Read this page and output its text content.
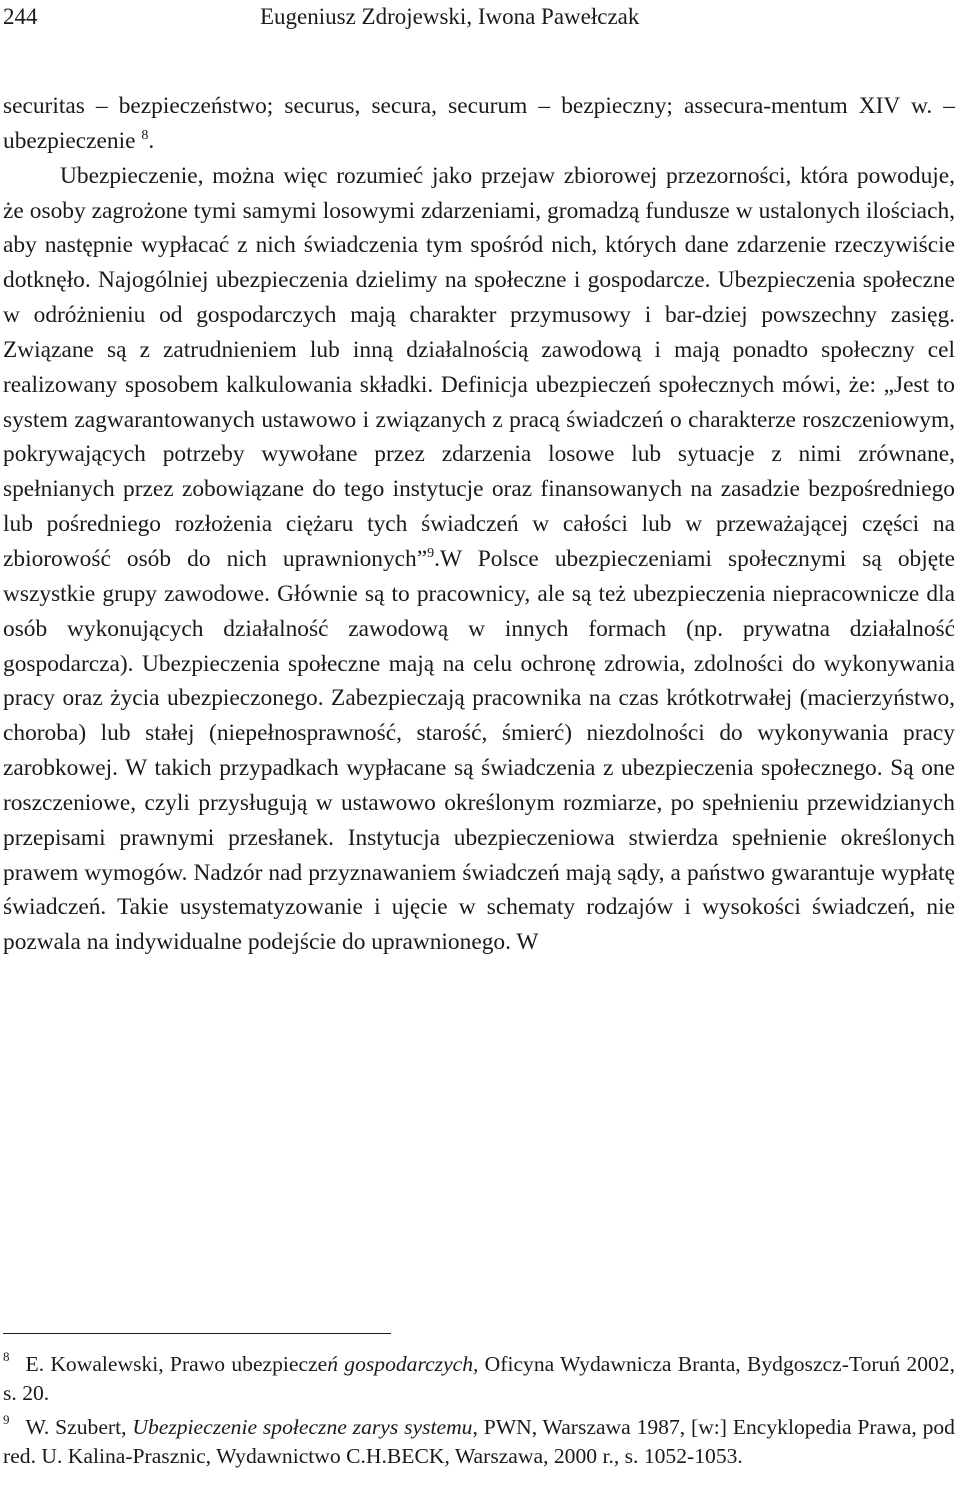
244	Eugeniusz Zdrojewski, Iwona Pawełczak

securitas – bezpieczeństwo; securus, secura, securum – bezpieczny; assecura-mentum XIV w. – ubezpieczenie $^8$.

Ubezpieczenie, można więc rozumieć jako przejaw zbiorowej przezorności, która powoduje, że osoby zagrożone tymi samymi losowymi zdarzeniami, gromadzą fundusze w ustalonych ilościach, aby następnie wypłacać z nich świadczenia tym spośród nich, których dane zdarzenie rzeczywiście dotknęło. Najogólniej ubezpieczenia dzielimy na społeczne i gospodarcze. Ubezpieczenia społeczne w odróżnieniu od gospodarczych mają charakter przymusowy i bar-dziej powszechny zasięg. Związane są z zatrudnieniem lub inną działalnością zawodową i mają ponadto społeczny cel realizowany sposobem kalkulowania składki. Definicja ubezpieczeń społecznych mówi, że: „Jest to system zagwarantowanych ustawowo i związanych z pracą świadczeń o charakterze roszczeniowym, pokrywających potrzeby wywołane przez zdarzenia losowe lub sytuacje z nimi zrównane, spełnianych przez zobowiązane do tego instytucje oraz finansowanych na zasadzie bezpośredniego lub pośredniego rozłożenia ciężaru tych świadczeń w całości lub w przeważającej części na zbiorowość osób do nich uprawnionych”$^9$.W Polsce ubezpieczeniami społecznymi są objęte wszystkie grupy zawodowe. Głównie są to pracownicy, ale są też ubezpieczenia niepracownicze dla osób wykonujących działalność zawodową w innych formach (np. prywatna działalność gospodarcza). Ubezpieczenia społeczne mają na celu ochronę zdrowia, zdolności do wykonywania pracy oraz życia ubezpieczonego. Zabezpieczają pracownika na czas krótkotrwałej (macierzyństwo, choroba) lub stałej (niepełnosprawność, starość, śmierć) niezdolności do wykonywania pracy zarobkowej. W takich przypadkach wypłacane są świadczenia z ubezpieczenia społecznego. Są one roszczeniowe, czyli przysługują w ustawowo określonym rozmiarze, po spełnieniu przewidzianych przepisami prawnymi przesłanek. Instytucja ubezpieczeniowa stwierdza spełnienie określonych prawem wymogów. Nadzór nad przyznawaniem świadczeń mają sądy, a państwo gwarantuje wypłatę świadczeń. Takie usystematyzowanie i ujęcie w schematy rodzajów i wysokości świadczeń, nie pozwala na indywidualne podejście do uprawnionego. W

$^8$ E. Kowalewski, Prawo ubezpieczeń gospodarczych, Oficyna Wydawnicza Branta, Bydgoszcz-Toruń 2002, s. 20.

$^9$ W. Szubert, Ubezpieczenie społeczne zarys systemu, PWN, Warszawa 1987, [w:] Encyklopedia Prawa, pod red. U. Kalina-Prasznic, Wydawnictwo C.H.BECK, Warszawa, 2000 r., s. 1052-1053.
